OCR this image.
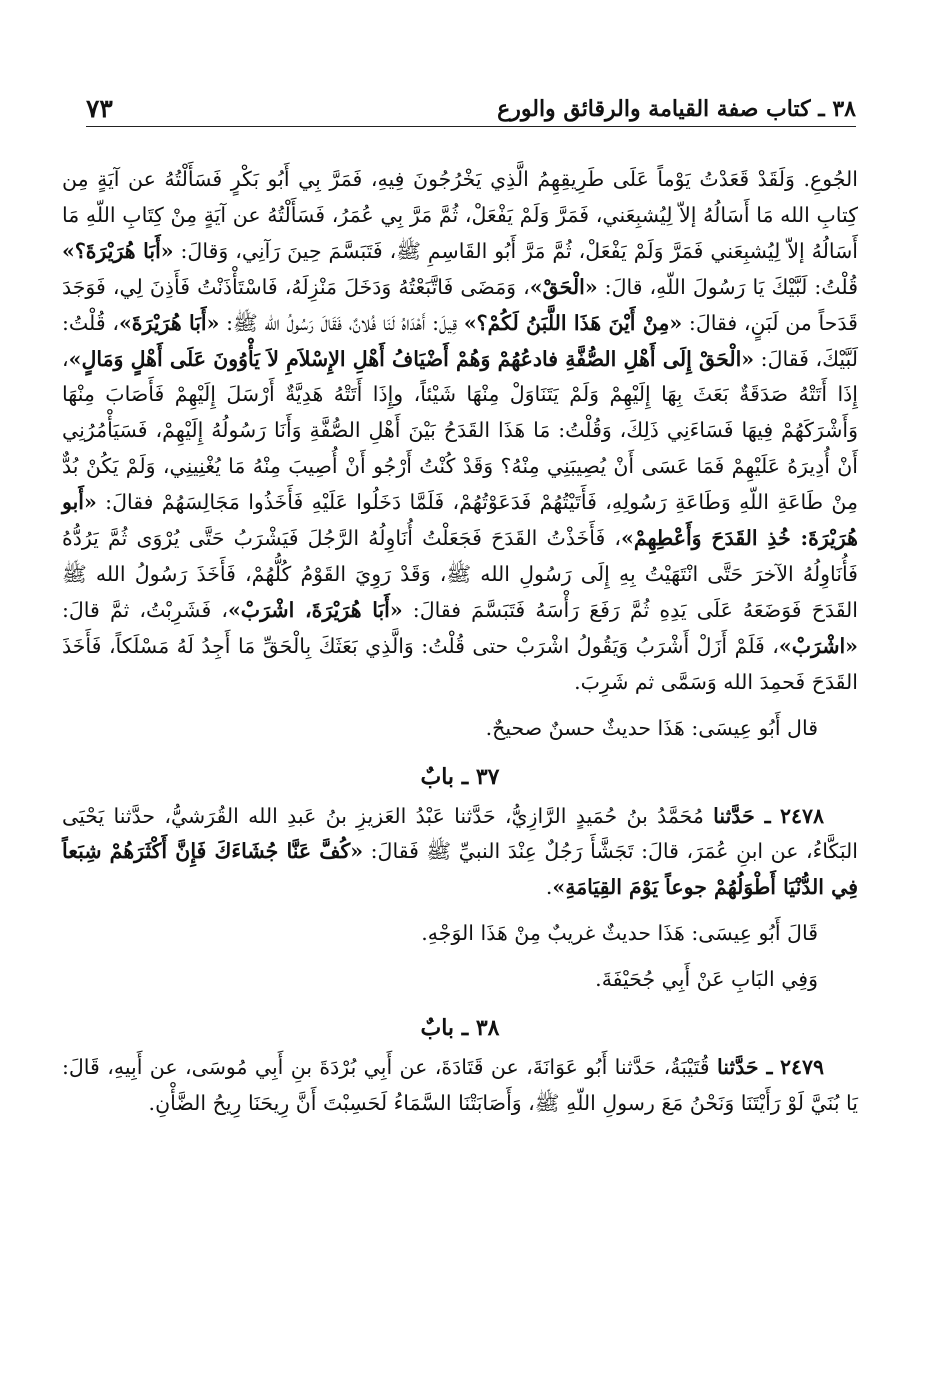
٧٣	٣٨ ـ كتاب صفة القيامة والرقائق والورع

الجُوعِ. وَلَقَدْ قَعَدْتُ يَوْماً عَلَى طَرِيقِهِمُ الَّذِي يَخْرُجُونَ فِيهِ، فَمَرَّ بِي أَبُو بَكْرٍ فَسَأَلْتُهُ عن آيَةٍ مِن كِتابِ الله مَا أَسَالُهُ إلاّ لِيُشبِعَني، فَمَرَّ وَلَمْ يَفْعَلْ، ثُمَّ مَرَّ بِي عُمَرُ، فَسَأَلْتُهُ عن آيَةٍ مِنْ كِتَابِ اللّهِ مَا أَسَالُهُ إلاّ لِيُشبِعَني فَمَرَّ وَلَمْ يَفْعَلْ، ثُمَّ مَرَّ أَبُو القَاسِمِ ﷺ، فَتَبَسَّمَ حِينَ رَآنِي، وَقالَ: «أَبَا هُرَيْرَةَ؟» قُلْتُ: لَبَّيْكَ يَا رَسُولَ اللّهِ، قالَ: «الْحَقْ»، وَمَضَى فَاتَّبَعْتُهُ وَدَخَلَ مَنْزِلَهُ، فَاسْتَأْذَنْتُ فَأَذِنَ لِي، فَوَجَدَ قَدَحاً من لَبَنٍ، فقالَ: «مِنْ أَيْنَ هَذَا اللَّبَنُ لَكُمْ؟» قِيلَ: أَهْدَاهُ لَنَا فُلانٌ، فَقَالَ رَسُولُ الله ﷺ: «أَبَا هُرَيْرَةَ»، قُلْتُ: لَبَّيْكَ، فَقالَ: «الْحَقْ إِلَى أَهْلِ الصُّفَّةِ فادعُهُمْ وَهُمْ أَضْيَافُ أَهْلِ الإِسْلاَمِ لاَ يَأْوُونَ عَلَى أَهْلٍ وَمَالٍ»، إِذَا أَتَتْهُ صَدَقَةٌ بَعَثَ بِهَا إِلَيْهِمْ وَلَمْ يَتَنَاوَلْ مِنْهَا شَيْئاً، وإِذَا أَتَتْهُ هَدِيَّةٌ أَرْسَلَ إِلَيْهِمْ فَأَصَابَ مِنْهَا وَأَشْرَكَهُمْ فِيهَا فَسَاءَنِي ذَلِكَ، وَقُلْتُ: مَا هَذَا القَدَحُ بَيْنَ أَهْلِ الصُّفَّةِ وَأَنَا رَسُولُهُ إِلَيْهِمْ، فَسَيَأْمُرُنِي أَنْ أُدِيرَهُ عَلَيْهِمْ فَمَا عَسَى أَنْ يُصِيبَنِي مِنْهُ؟ وَقَدْ كُنْتُ أَرْجُو أَنْ أُصِيبَ مِنْهُ مَا يُغْنِينِي، وَلَمْ يَكُنْ بُدٌّ مِنْ طَاعَةِ اللّهِ وَطَاعَةِ رَسُولِهِ، فَأَتَيْتُهُمْ فَدَعَوْتُهُمْ، فَلَمَّا دَخَلُوا عَلَيْهِ فَأَخَذُوا مَجَالِسَهُمْ فقالَ: «أَبو هُرَيْرَةَ: خُذِ القَدَحَ وَأَعْطِهِمْ»، فَأَخَذْتُ القَدَحَ فَجَعَلْتُ أُنَاوِلُهُ الرَّجُلَ فَيَشْرَبُ حَتَّى يُرْوَى ثُمَّ يَرُدُّهُ فَأُنَاوِلُهُ الآخرَ حَتَّى انْتَهَيْتُ بِهِ إِلَى رَسُولِ الله ﷺ، وَقَدْ رَوِيَ القَوْمُ كُلُّهُمْ، فَأَخَذَ رَسُولُ الله ﷺ القَدَحَ فَوَضَعَهُ عَلَى يَدِهِ ثُمَّ رَفَعَ رَأْسَهُ فَتَبَسَّمَ فقالَ: «أَبَا هُرَيْرَةَ، اشْرَبْ»، فَشَرِبْتُ، ثمَّ قالَ: «اشْرَبْ»، فَلَمْ أَزَلْ أَشْرَبُ وَيَقُولُ اشْرَبْ حتى قُلْتُ: وَالَّذِي بَعَثَكَ بِالْحَقِّ مَا أَجِدُ لَهُ مَسْلَكاً، فَأَخَذَ القَدَحَ فَحمِدَ الله وَسَمَّى ثم شَرِبَ.

قال أَبُو عِيسَى: هَذَا حديثٌ حسنٌ صحيحٌ.

٣٧ ـ بابٌ

٢٤٧٨ ـ حَدَّثنا مُحَمَّدُ بنُ حُمَيدٍ الرَّازِيُّ، حَدَّثنا عَبْدُ العَزيزِ بنُ عَبدِ الله القُرَشيُّ، حدَّثنا يَحْيَى البَكَّاءُ، عن ابنِ عُمَرَ، قالَ: تَجَشَّأَ رَجُلٌ عِنْدَ النبيِّ ﷺ فَقالَ: «كُفَّ عَنَّا جُشَاءَكَ فَإِنَّ أَكْثَرَهُمْ شِبَعاً فِي الدُّنْيَا أَطْوَلُهُمْ جوعاً يَوْمَ القِيَامَةِ».

قَالَ أَبُو عِيسَى: هَذَا حديثٌ غريبٌ مِنْ هَذَا الوَجْهِ.

وَفِي البَابِ عَنْ أَبِي جُحَيْفَةَ.

٣٨ ـ بابٌ

٢٤٧٩ ـ حَدَّثنا قُتَيْبَةُ، حَدَّثنا أَبُو عَوَانَةَ، عن قَتَادَةَ، عن أَبِي بُرْدَةَ بنِ أَبِي مُوسَى، عن أَبِيهِ، قَالَ: يَا بُنَيَّ لَوْ رَأَيْتَنَا وَنَحْنُ مَعَ رسولِ اللّهِ ﷺ، وَأَصَابَتْنَا السَّمَاءُ لَحَسِبْتَ أَنَّ رِيحَنَا رِيحُ الضَّأْنِ.
